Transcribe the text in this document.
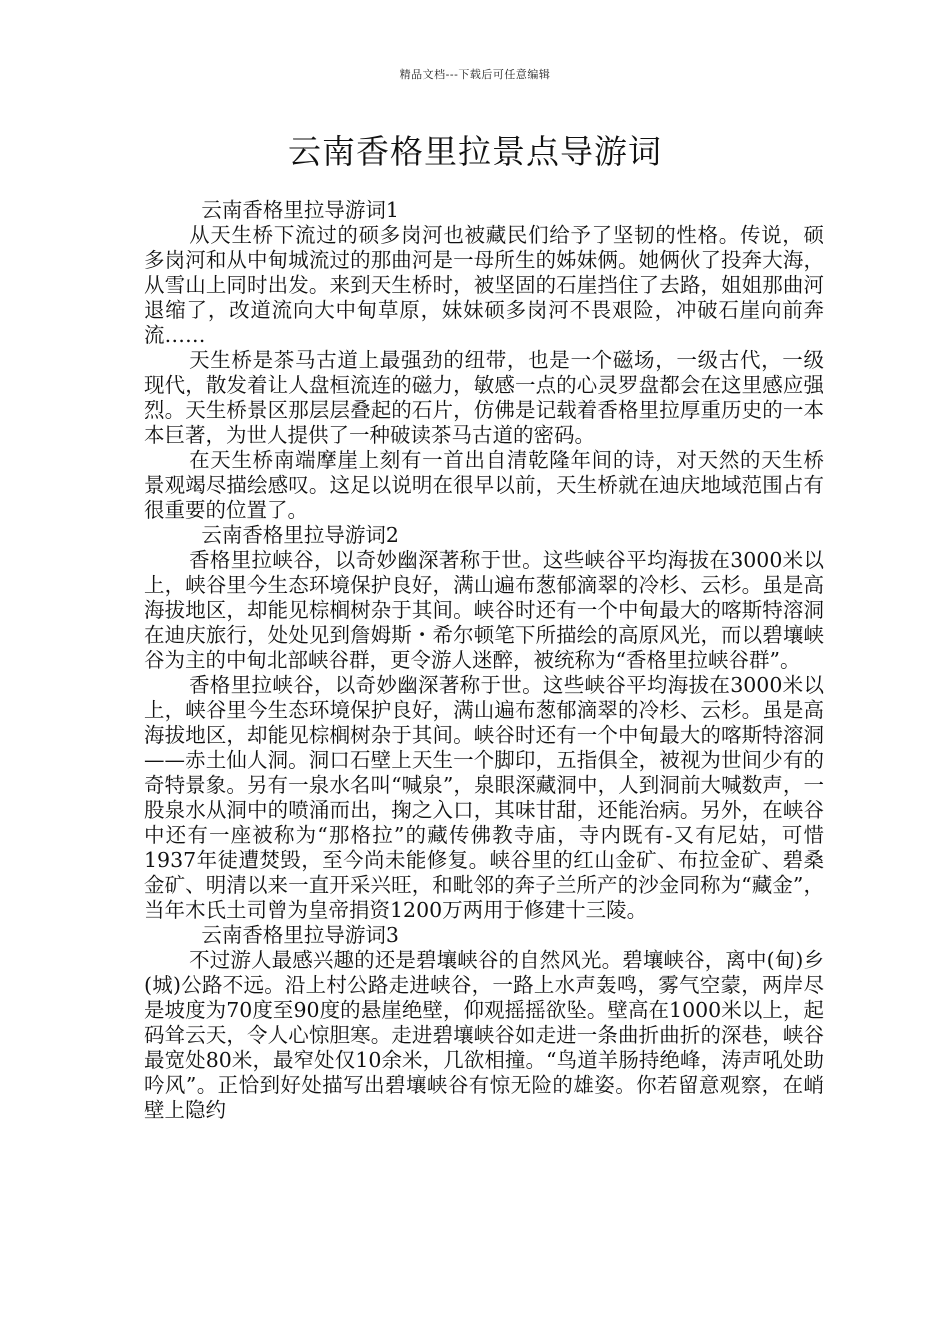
精品文档---下载后可任意编辑
云南香格里拉景点导游词

云南香格里拉导游词1

从天生桥下流过的硕多岗河也被藏民们给予了坚韧的性格。传说，硕多岗河和从中甸城流过的那曲河是一母所生的姊妹俩。她俩伙了投奔大海，从雪山上同时出发。来到天生桥时，被坚固的石崖挡住了去路，姐姐那曲河退缩了，改道流向大中甸草原，妹妹硕多岗河不畏艰险，冲破石崖向前奔流……

天生桥是茶马古道上最强劲的纽带，也是一个磁场，一级古代，一级现代，散发着让人盘桓流连的磁力，敏感一点的心灵罗盘都会在这里感应强烈。天生桥景区那层层叠起的石片，仿佛是记载着香格里拉厚重历史的一本本巨著，为世人提供了一种破读茶马古道的密码。

在天生桥南端摩崖上刻有一首出自清乾隆年间的诗，对天然的天生桥景观竭尽描绘感叹。这足以说明在很早以前，天生桥就在迪庆地域范围占有很重要的位置了。

云南香格里拉导游词2

香格里拉峡谷，以奇妙幽深著称于世。这些峡谷平均海拔在3000米以上，峡谷里今生态环境保护良好，满山遍布葱郁滴翠的冷杉、云杉。虽是高海拔地区，却能见棕榈树杂于其间。峡谷时还有一个中甸最大的喀斯特溶洞在迪庆旅行，处处见到詹姆斯・希尔顿笔下所描绘的高原风光，而以碧壤峡谷为主的中甸北部峡谷群，更令游人迷醉，被统称为“香格里拉峡谷群”。

香格里拉峡谷，以奇妙幽深著称于世。这些峡谷平均海拔在3000米以上，峡谷里今生态环境保护良好，满山遍布葱郁滴翠的冷杉、云杉。虽是高海拔地区，却能见棕榈树杂于其间。峡谷时还有一个中甸最大的喀斯特溶洞——赤土仙人洞。洞口石壁上天生一个脚印，五指俱全，被视为世间少有的奇特景象。另有一泉水名叫“喊泉”，泉眼深藏洞中，人到洞前大喊数声，一股泉水从洞中的喷涌而出，掬之入口，其味甘甜，还能治病。另外，在峡谷中还有一座被称为“那格拉”的藏传佛教寺庙，寺内既有-又有尼姑，可惜1937年徒遭焚毁，至今尚未能修复。峡谷里的红山金矿、布拉金矿、碧桑金矿、明清以来一直开采兴旺，和毗邻的奔子兰所产的沙金同称为“藏金”，当年木氏土司曾为皇帝捐资1200万两用于修建十三陵。

云南香格里拉导游词3

不过游人最感兴趣的还是碧壤峡谷的自然风光。碧壤峡谷，离中(甸)乡(城)公路不远。沿上村公路走进峡谷，一路上水声轰鸣，雾气空蒙，两岸尽是坡度为70度至90度的悬崖绝壁，仰观摇摇欲坠。壁高在1000米以上，起码耸云天，令人心惊胆寒。走进碧壤峡谷如走进一条曲折曲折的深巷，峡谷最宽处80米，最窄处仅10余米，几欲相撞。“鸟道羊肠持绝峰，涛声吼处助吟风”。正恰到好处描写出碧壤峡谷有惊无险的雄姿。你若留意观察，在峭壁上隐约
